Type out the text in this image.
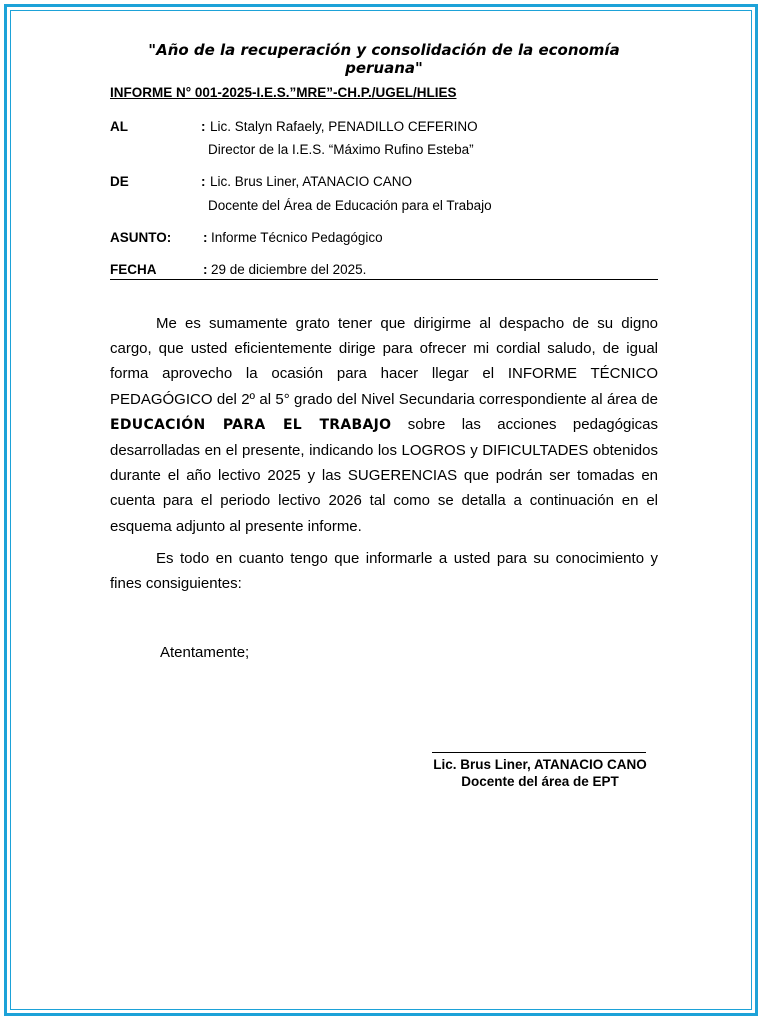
"Año de la recuperación y consolidación de la economía peruana"
INFORME N° 001-2025-I.E.S.”MRE”-CH.P./UGEL/HLIES
AL	: Lic. Stalyn Rafaely, PENADILLO CEFERINO
Director de la I.E.S. “Máximo Rufino Esteba”
DE	: Lic. Brus Liner, ATANACIO CANO
Docente del Área de Educación para el Trabajo
ASUNTO: : Informe Técnico Pedagógico
FECHA	: 29 de diciembre del 2025.

Me es sumamente grato tener que dirigirme al despacho de su digno cargo, que usted eficientemente dirige para ofrecer mi cordial saludo, de igual forma aprovecho la ocasión para hacer llegar el INFORME TÉCNICO PEDAGÓGICO del 2º al 5° grado del Nivel Secundaria correspondiente al área de EDUCACIÓN PARA EL TRABAJO sobre las acciones pedagógicas desarrolladas en el presente, indicando los LOGROS y DIFICULTADES obtenidos durante el año lectivo 2025 y las SUGERENCIAS que podrán ser tomadas en cuenta para el periodo lectivo 2026 tal como se detalla a continuación en el esquema adjunto al presente informe.

Es todo en cuanto tengo que informarle a usted para su conocimiento y fines consiguientes:

Atentamente;
Lic. Brus Liner, ATANACIO CANO
Docente del área de EPT
